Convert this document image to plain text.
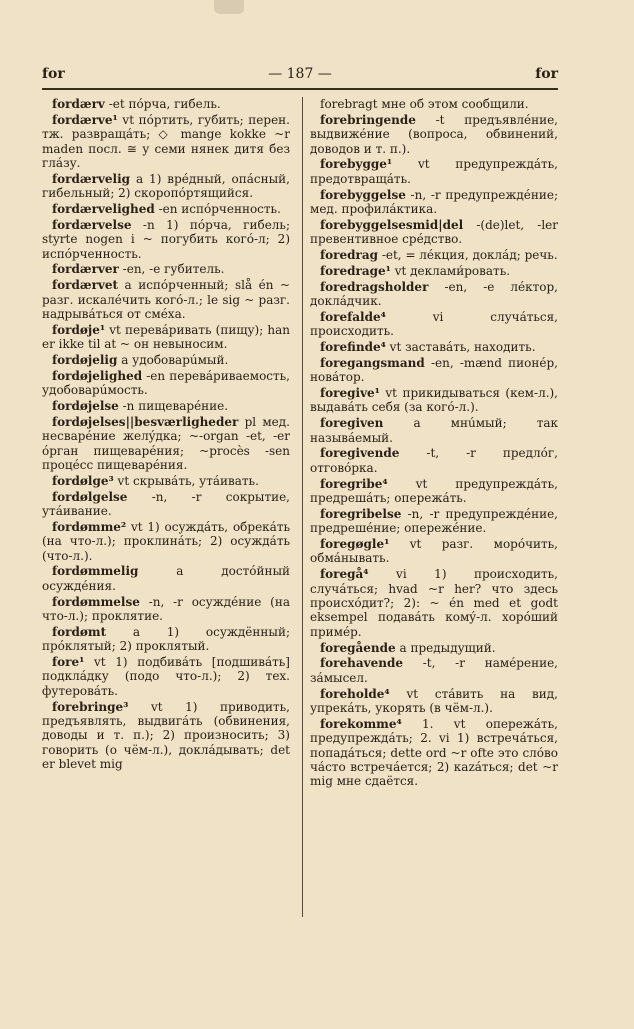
for	— 187 —	for

fordærv -et пóрча, гибель.

fordærve¹ vt пóртить, губить; перен. тж. развращáть; ◇ mange kokke ~r maden посл. ≅ у семи нянек дитя без глáзу.

fordærvelig a 1) врéдный, опáсный, гибельный; 2) скоропóртящийся.

fordærvelighed -en испóрченность.

fordærvelse -n 1) пóрча, гибель; styrte nogen i ~ погубить когó-л; 2) испóрченность.

fordærver -en, -e губитель.

fordærvet a испóрченный; slå én ~ разг. искалéчить когó-л.; le sig ~ разг. надрывáться от смéха.

fordøje¹ vt перевáривать (пищу); han er ikke til at ~ он невыносим.

fordøjelig a удобоварúмый.

fordøjelighed -en перевáриваемость, удобоварúмость.

fordøjelse -n пищеварéние.

fordøjelses||besværligheder pl мед. несварéние желýдка; ~-organ -et, -er óрган пищеварéния; ~procès -sen процéсс пищеварéния.

fordølge³ vt скрывáть, утáивать.

fordølgelse -n, -r сокрытие, утáивание.

fordømme² vt 1) осуждáть, обрекáть (на что-л.); проклинáть; 2) осуждáть (что-л.).

fordømmelig a достóйный осуждéния.

fordømmelse -n, -r осуждéние (на что-л.); проклятие.

fordømt a 1) осуждённый; прóклятый; 2) проклятый.

fore¹ vt 1) подбивáть [подшивáть] подклáдку (подо что-л.); 2) тех. футеровáть.

forebringe³ vt 1) приводить, предъявлять, выдвигáть (обвинения, доводы и т. п.); 2) произносить; 3) говорить (о чём-л.), доклáдывать; det er blevet mig

forebragt мне об этом сообщили.

forebringende -t предъявлéние, выдвижéние (вопроса, обвинений, доводов и т. п.).

forebygge¹ vt предупреждáть, предотвращáть.

forebyggelse -n, -r предупреждéние; мед. профилáктика.

forebyggelsesmid|del -(de)let, -ler превентивное срéдство.

foredrag -et, = лéкция, доклáд; речь.

foredrage¹ vt деклами́ровать.

foredragsholder -en, -e лéктор, доклáдчик.

forefalde⁴ vi случáться, происходить.

forefinde⁴ vt заставáть, находить.

foregangsmand -en, -mænd пионéр, новáтор.

foregive¹ vt прикидываться (кем-л.), выдавáть себя (за когó-л.).

foregiven a мнúмый; так назывáемый.

foregivende -t, -r предлóг, отговóрка.

foregribe⁴ vt предупреждáть, предрешáть; опережáть.

foregribelse -n, -r предупреждéние, предрешéние; опережéние.

foregøgle¹ vt разг. морóчить, обмáнывать.

foregå⁴ vi 1) происходить, случáться; hvad ~r her? что здесь происхóдит?; 2): ~ én med et godt eksempel подавáть комý-л. хорóший примéр.

foregående a предыдущий.

forehavende -t, -r намéрение, зáмысел.

foreholde⁴ vt стáвить на вид, упрекáть, укорять (в чём-л.).

forekomme⁴ 1. vt опережáть, предупреждáть; 2. vi 1) встречáться, попадáться; dette ord ~r ofte это слóво чáсто встречáется; 2) кazáться; det ~r mig мне сдаётся.
